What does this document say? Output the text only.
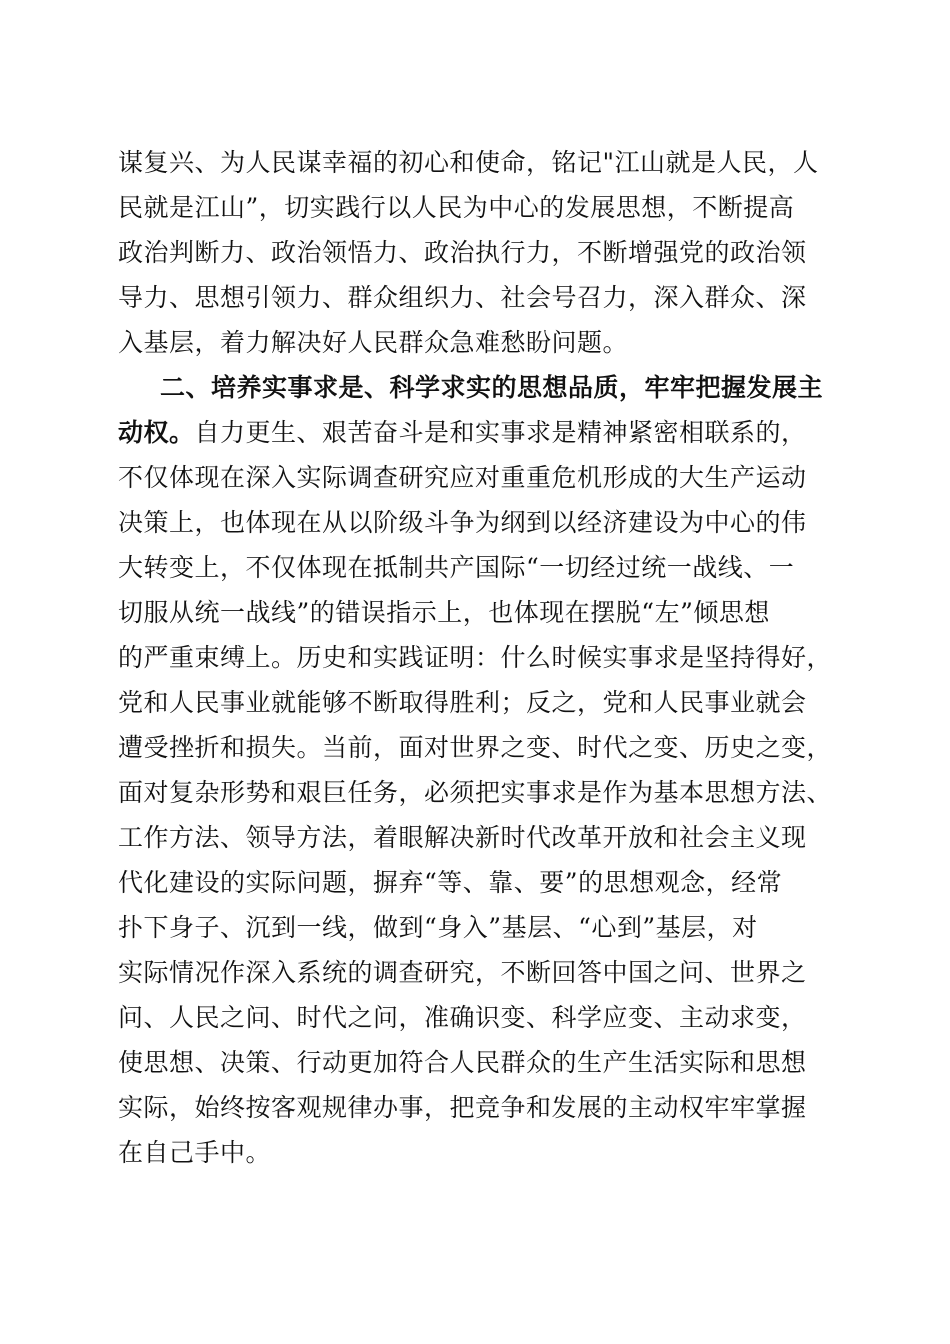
谋复兴、为人民谋幸福的初心和使命，铭记"江山就是人民，人
民就是江山”，切实践行以人民为中心的发展思想，不断提高
政治判断力、政治领悟力、政治执行力，不断增强党的政治领
导力、思想引领力、群众组织力、社会号召力，深入群众、深
入基层，着力解决好人民群众急难愁盼问题。
二、培养实事求是、科学求实的思想品质，牢牢把握发展主
动权。自力更生、艰苦奋斗是和实事求是精神紧密相联系的，
不仅体现在深入实际调查研究应对重重危机形成的大生产运动
决策上，也体现在从以阶级斗争为纲到以经济建设为中心的伟
大转变上，不仅体现在抵制共产国际“一切经过统一战线、一
切服从统一战线”的错误指示上，也体现在摆脱“左”倾思想
的严重束缚上。历史和实践证明：什么时候实事求是坚持得好，
党和人民事业就能够不断取得胜利；反之，党和人民事业就会
遭受挫折和损失。当前，面对世界之变、时代之变、历史之变，
面对复杂形势和艰巨任务，必须把实事求是作为基本思想方法、
工作方法、领导方法，着眼解决新时代改革开放和社会主义现
代化建设的实际问题，摒弃“等、靠、要”的思想观念，经常
扑下身子、沉到一线，做到“身入”基层、“心到”基层，对
实际情况作深入系统的调查研究，不断回答中国之问、世界之
问、人民之问、时代之问，准确识变、科学应变、主动求变，
使思想、决策、行动更加符合人民群众的生产生活实际和思想
实际，始终按客观规律办事，把竞争和发展的主动权牢牢掌握
在自己手中。
